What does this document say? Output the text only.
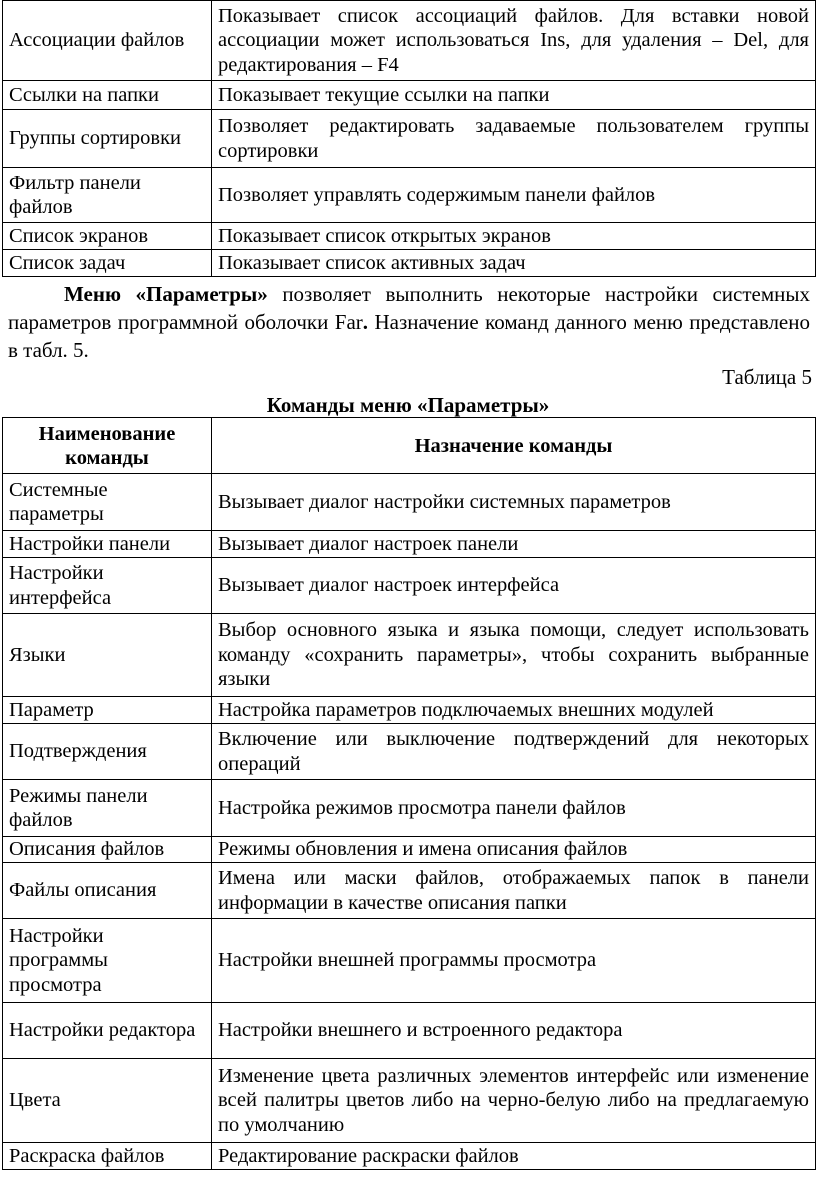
Ассоциации файлов	Показывает список ассоциаций файлов. Для вставки новой ассоциации может использоваться Ins, для удаления – Del, для редактирования – F4
Ссылки на папки	Показывает текущие ссылки на папки
Группы сортировки	Позволяет редактировать задаваемые пользователем группы сортировки
Фильтр панели файлов	Позволяет управлять содержимым панели файлов
Список экранов	Показывает список открытых экранов
Список задач	Показывает список активных задач
Меню «Параметры» позволяет выполнить некоторые настройки системных параметров программной оболочки Far. Назначение команд данного меню представлено в табл. 5.
Таблица 5
Команды меню «Параметры»
Наименование команды	Назначение команды
Системные параметры	Вызывает диалог настройки системных параметров
Настройки панели	Вызывает диалог настроек панели
Настройки интерфейса	Вызывает диалог настроек интерфейса
Языки	Выбор основного языка и языка помощи, следует использовать команду «сохранить параметры», чтобы сохранить выбранные языки
Параметр	Настройка параметров подключаемых внешних модулей
Подтверждения	Включение или выключение подтверждений для некоторых операций
Режимы панели файлов	Настройка режимов просмотра панели файлов
Описания файлов	Режимы обновления и имена описания файлов
Файлы описания	Имена или маски файлов, отображаемых папок в панели информации в качестве описания папки
Настройки программы просмотра	Настройки внешней программы просмотра
Настройки редактора	Настройки внешнего и встроенного редактора
Цвета	Изменение цвета различных элементов интерфейс или изменение всей палитры цветов либо на черно-белую либо на предлагаемую по умолчанию
Раскраска файлов	Редактирование раскраски файлов
